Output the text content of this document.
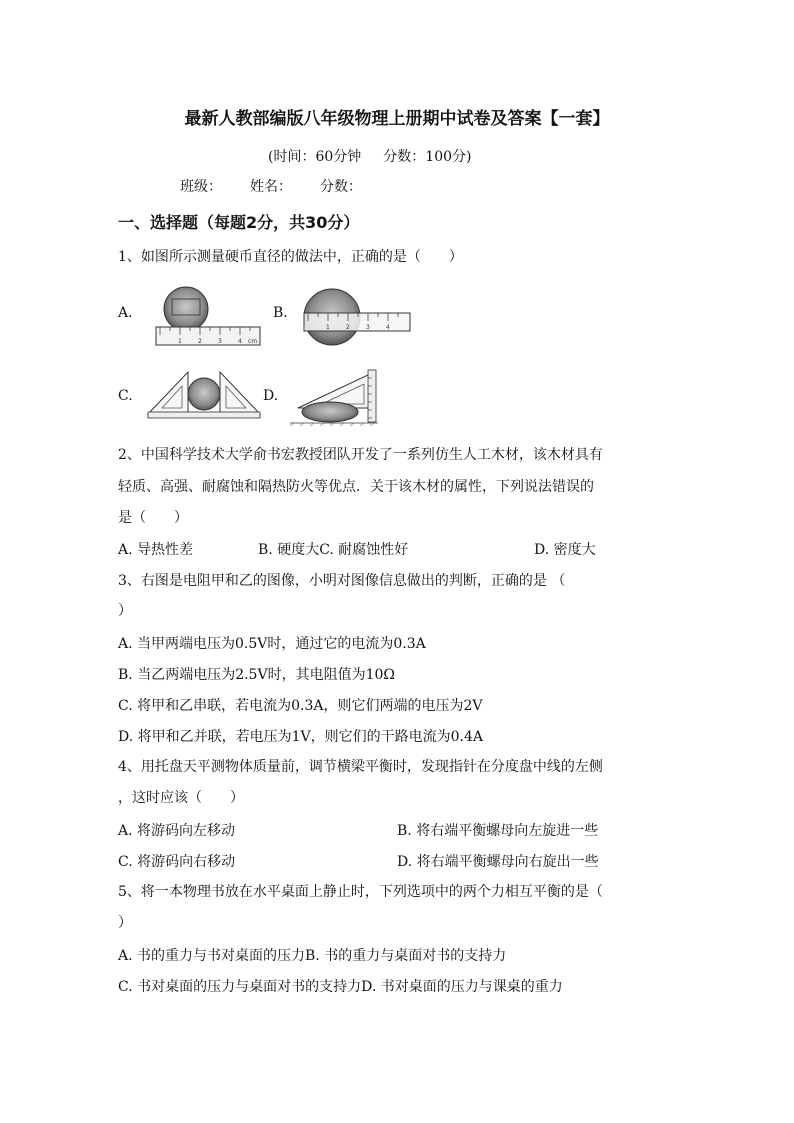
最新人教部编版八年级物理上册期中试卷及答案【一套】
(时间：60分钟 分数：100分)
班级： 姓名： 分数：
一、选择题（每题2分，共30分）
1、如图所示测量硬币直径的做法中，正确的是（　　）
A.	B.
C.	D.
1	2	3	4 cm
1	2	3	4
2、中国科学技术大学俞书宏教授团队开发了一系列仿生人工木材，该木材具有
轻质、高强、耐腐蚀和隔热防火等优点．关于该木材的属性，下列说法错误的
是（　　）
A. 导热性差	B. 硬度大C. 耐腐蚀性好	D. 密度大
3、右图是电阻甲和乙的图像，小明对图像信息做出的判断，正确的是 （
）
A. 当甲两端电压为0.5V时，通过它的电流为0.3A
B. 当乙两端电压为2.5V时，其电阻值为10Ω
C. 将甲和乙串联，若电流为0.3A，则它们两端的电压为2V
D. 将甲和乙并联，若电压为1V，则它们的干路电流为0.4A
4、用托盘天平测物体质量前，调节横梁平衡时，发现指针在分度盘中线的左侧
，这时应该（　　）
A. 将游码向左移动	B. 将右端平衡螺母向左旋进一些
C. 将游码向右移动	D. 将右端平衡螺母向右旋出一些
5、将一本物理书放在水平桌面上静止时，下列选项中的两个力相互平衡的是（
）
A. 书的重力与书对桌面的压力B. 书的重力与桌面对书的支持力
C. 书对桌面的压力与桌面对书的支持力D. 书对桌面的压力与课桌的重力
